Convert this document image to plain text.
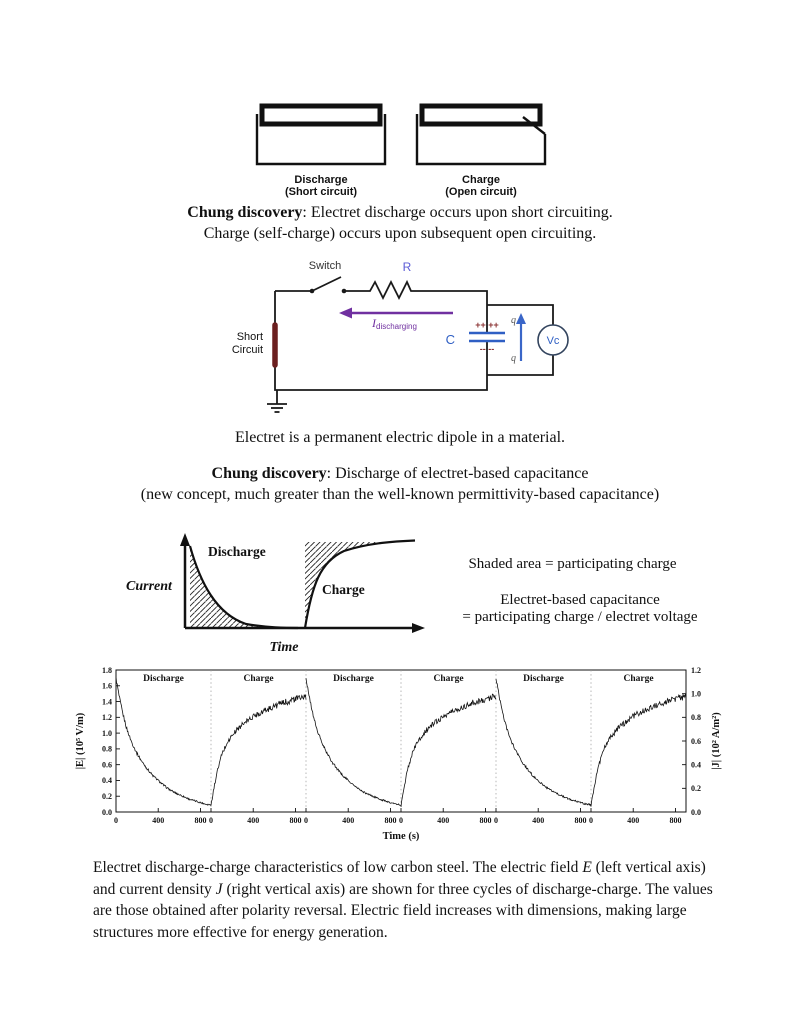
Discharge
(Short circuit)
Charge
(Open circuit)

Chung discovery: Electret discharge occurs upon short circuiting.

Charge (self-charge) occurs upon subsequent open circuiting.

++ ++
-- --
q
q
C	Vc
Idischarging
Switch	R
Short
Circuit

Electret is a permanent electric dipole in a material.

Chung discovery: Discharge of electret-based capacitance

(new concept, much greater than the well-known permittivity-based capacitance)

Discharge
Charge
Current
Time
Shaded area = participating charge

Electret-based capacitance

= participating charge / electret voltage

0.0
0.2
0.4
0.6
0.8
1.0
1.2
1.4
1.6
1.8
0.0
0.2
0.4
0.6
0.8
1.0
1.2
0	400	800
Discharge
0	400	800
Charge
0	400	800
Discharge
0	400	800
Charge
0	400	800
Discharge
0	400	800
Charge
Time (s)
|E| (10⁵ V/m)	|J| (10² A/m²)

Electret discharge-charge characteristics of low carbon steel. The electric field E (left vertical axis) and current density J (right vertical axis) are shown for three cycles of discharge-charge. The values are those obtained after polarity reversal. Electric field increases with dimensions, making large structures more effective for energy generation.
